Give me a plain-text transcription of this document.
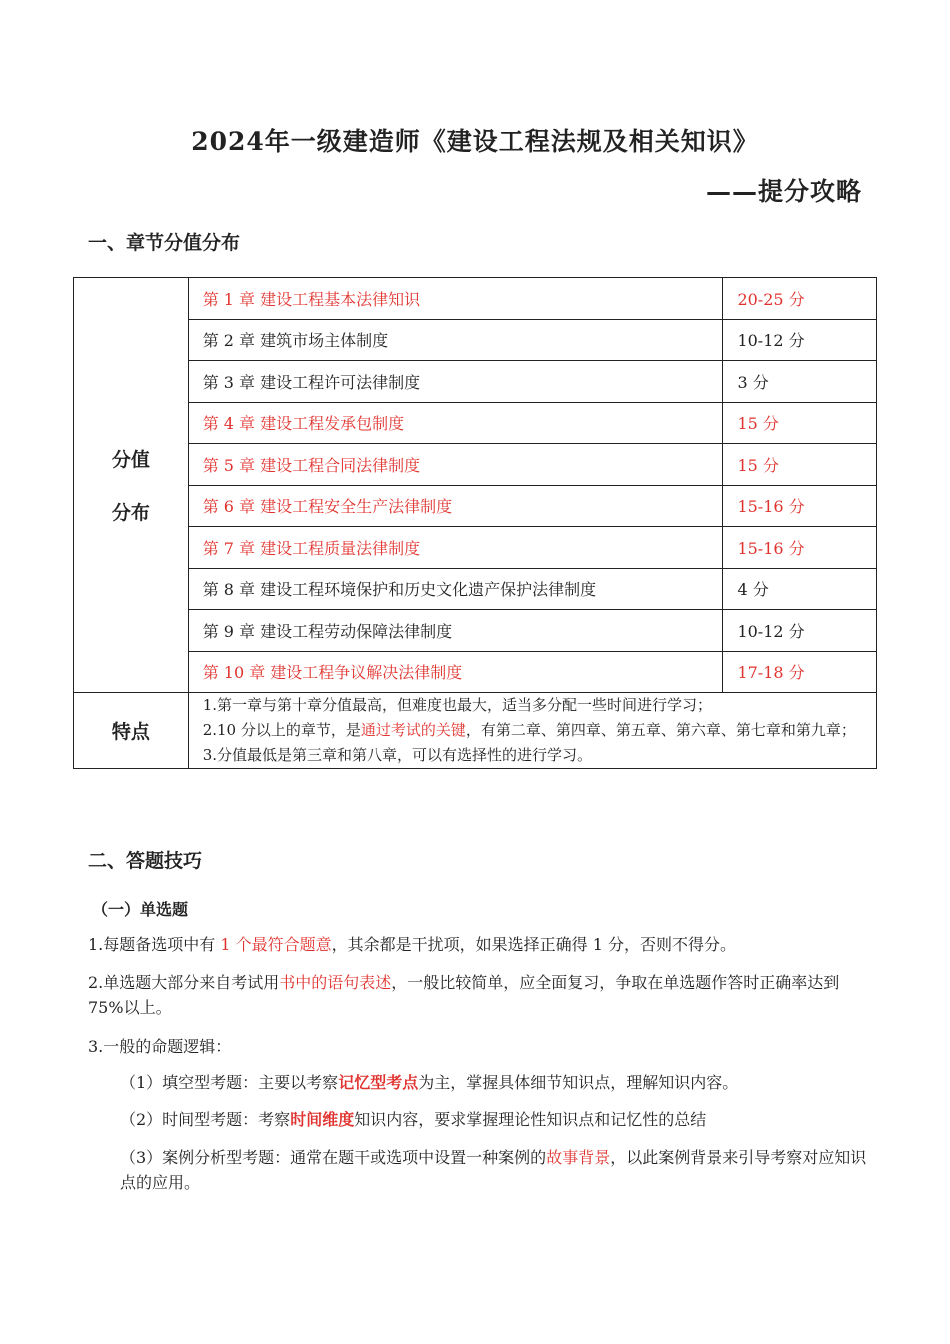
2024年一级建造师《建设工程法规及相关知识》
——提分攻略
一、章节分值分布
分值
分布	第 1 章 建设工程基本法律知识	20-25 分
	第 2 章 建筑市场主体制度	10-12 分
	第 3 章 建设工程许可法律制度	3 分
	第 4 章 建设工程发承包制度	15 分
	第 5 章 建设工程合同法律制度	15 分
	第 6 章 建设工程安全生产法律制度	15-16 分
	第 7 章 建设工程质量法律制度	15-16 分
	第 8 章 建设工程环境保护和历史文化遗产保护法律制度	4 分
	第 9 章 建设工程劳动保障法律制度	10-12 分
	第 10 章 建设工程争议解决法律制度	17-18 分
特点	1.第一章与第十章分值最高，但难度也最大，适当多分配一些时间进行学习；
2.10 分以上的章节，是通过考试的关键，有第二章、第四章、第五章、第六章、第七章和第九章；
3.分值最低是第三章和第八章，可以有选择性的进行学习。	
二、答题技巧
（一）单选题
1.每题备选项中有 1 个最符合题意，其余都是干扰项，如果选择正确得 1 分，否则不得分。
2.单选题大部分来自考试用书中的语句表述，一般比较简单，应全面复习，争取在单选题作答时正确率达到 75%以上。
3.一般的命题逻辑：
（1）填空型考题：主要以考察记忆型考点为主，掌握具体细节知识点，理解知识内容。
（2）时间型考题：考察时间维度知识内容，要求掌握理论性知识点和记忆性的总结
（3）案例分析型考题：通常在题干或选项中设置一种案例的故事背景，以此案例背景来引导考察对应知识点的应用。
